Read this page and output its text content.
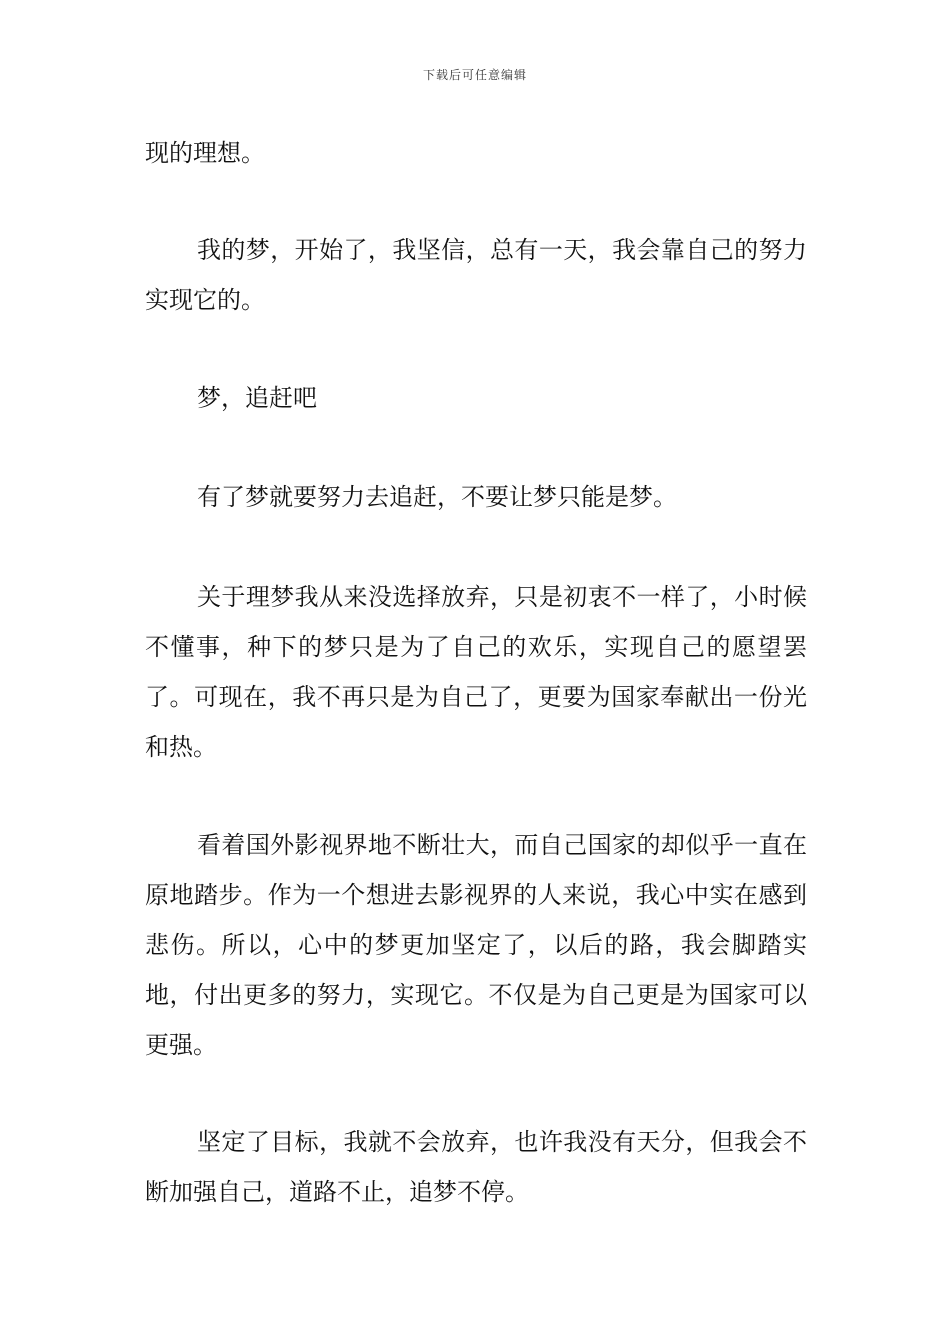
下载后可任意编辑

现的理想。

我的梦，开始了，我坚信，总有一天，我会靠自己的努力实现它的。

梦，追赶吧

有了梦就要努力去追赶，不要让梦只能是梦。

关于理梦我从来没选择放弃，只是初衷不一样了，小时候不懂事，种下的梦只是为了自己的欢乐，实现自己的愿望罢了。可现在，我不再只是为自己了，更要为国家奉献出一份光和热。

看着国外影视界地不断壮大，而自己国家的却似乎一直在原地踏步。作为一个想进去影视界的人来说，我心中实在感到悲伤。所以，心中的梦更加坚定了，以后的路，我会脚踏实地，付出更多的努力，实现它。不仅是为自己更是为国家可以更强。

坚定了目标，我就不会放弃，也许我没有天分，但我会不断加强自己，道路不止，追梦不停。
